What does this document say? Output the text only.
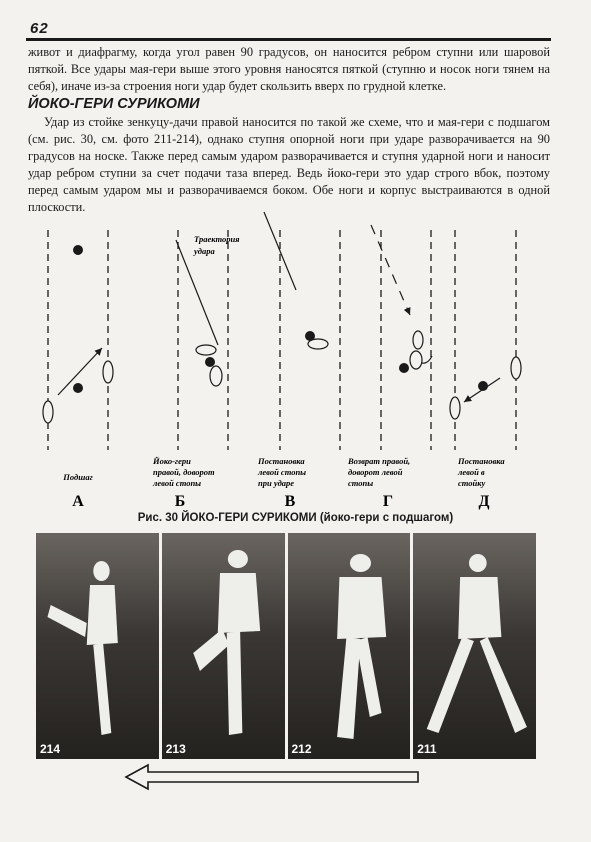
62
живот и диафрагму, когда угол равен 90 градусов, он наносится ребром ступни или шаровой пяткой. Все удары мая-гери выше этого уровня наносятся пяткой (ступню и носок ноги тянем на себя), иначе из-за строения ноги удар будет скользить вверх по грудной клетке.
ЙОКО-ГЕРИ СУРИКОМИ
Удар из стойке зенкуцу-дачи правой наносится по такой же схеме, что и мая-гери с подшагом (см. рис. 30, см. фото 211-214), однако ступня опорной ноги при ударе разворачивается на 90 градусов на носке. Также перед самым ударом разворачивается и ступня ударной ноги и наносит удар ребром ступни за счет подачи таза вперед. Ведь йоко-гери это удар строго вбок, поэтому перед самым ударом мы и разворачиваемся боком. Обе ноги и корпус выстраиваются в одной плоскости.
Траектория
удара
Подшаг
Йоко-гери
правой, доворот
левой стопы
Постановка
левой стопы
при ударе
Возврат правой,
доворот левой
стопы
Постановка
левой в
стойку
А	Б	В	Г	Д
Рис. 30 ЙОКО-ГЕРИ СУРИКОМИ (йоко-гери с подшагом)
214	213	212	211
